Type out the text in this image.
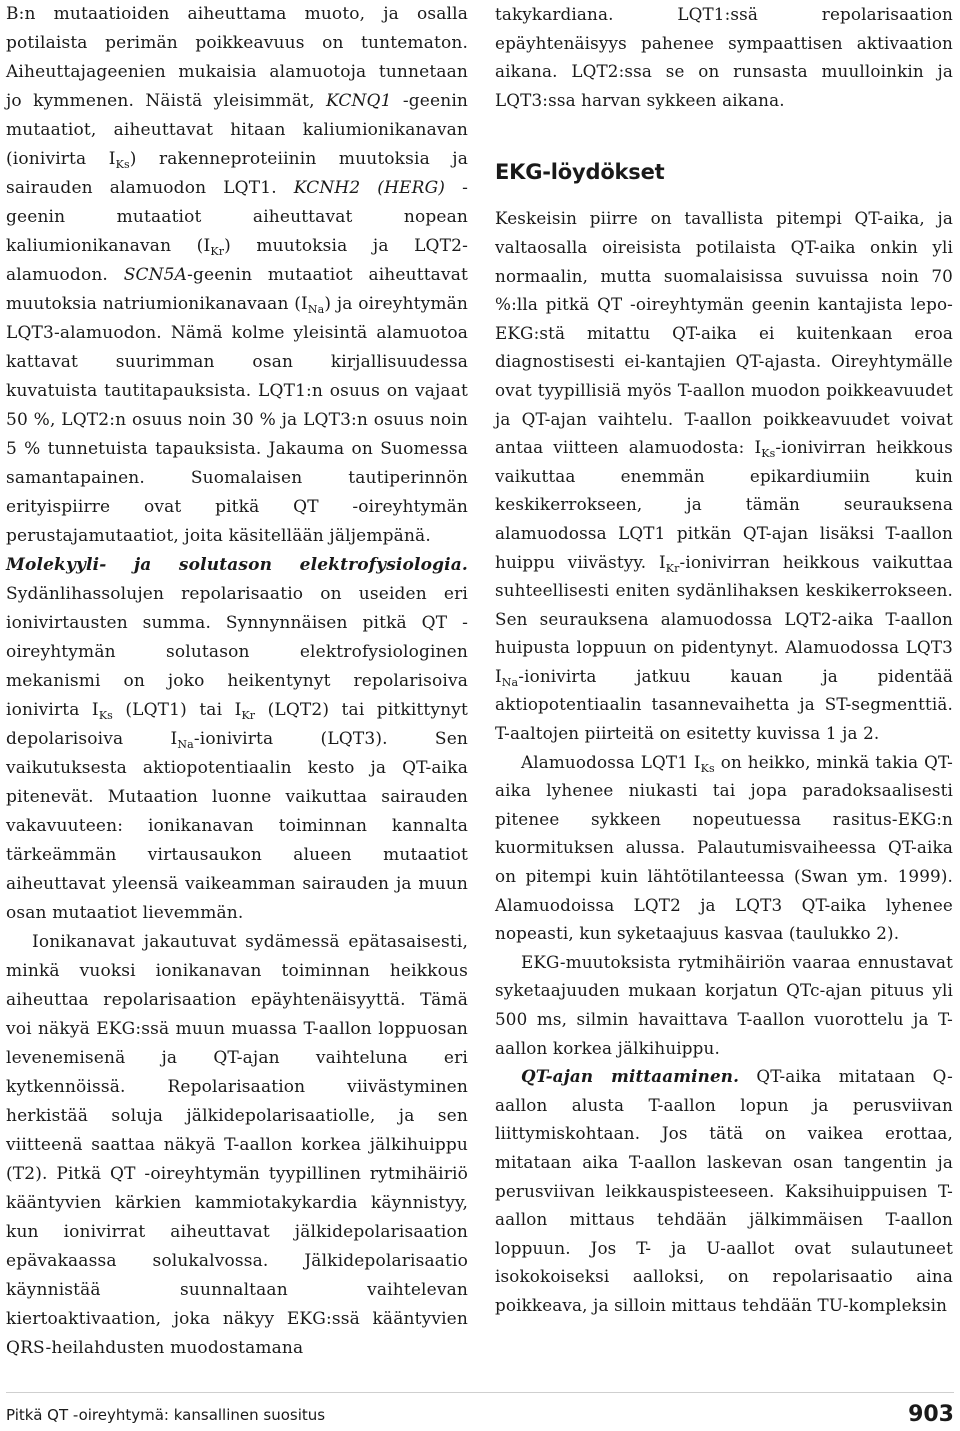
B:n mutaatioiden aiheuttama muoto, ja osalla potilaista perimän poikkeavuus on tuntematon. Aiheuttajageenien mukaisia alamuotoja tunnetaan jo kymmenen. Näistä yleisimmät, KCNQ1 -geenin mutaatiot, aiheuttavat hitaan kaliumionikanavan (ionivirta $I_{Ks}$) rakenneproteiinin muutoksia ja sairauden alamuodon LQT1. KCNH2 (HERG) -geenin mutaatiot aiheuttavat nopean kaliumionikanavan $(I_{Kr})$ muutoksia ja LQT2-alamuodon. SCN5A-geenin mutaatiot aiheuttavat muutoksia natriumionikanavaan $(I_{Na})$ ja oireyhtymän LQT3-alamuodon. Nämä kolme yleisintä alamuotoa kattavat suurimman osan kirjallisuudessa kuvatuista tautitapauksista. LQT1:n osuus on vajaat 50 %, LQT2:n osuus noin 30 % ja LQT3:n osuus noin 5 % tunnetuista tapauksista. Jakauma on Suomessa samantapainen. Suomalaisen tautiperinnön erityispiirre ovat pitkä QT -oireyhtymän perustajamutaatiot, joita käsitellään jäljempänä.

Molekyyli- ja solutason elektrofysiologia. Sydänlihassolujen repolarisaatio on useiden eri ionivirtausten summa. Synnynnäisen pitkä QT -oireyhtymän solutason elektrofysiologinen mekanismi on joko heikentynyt repolarisoiva ionivirta $I_{Ks}$ (LQT1) tai $I_{Kr}$ (LQT2) tai pitkittynyt depolarisoiva $I_{Na}$-ionivirta (LQT3). Sen vaikutuksesta aktiopotentiaalin kesto ja QT-aika pitenevät. Mutaation luonne vaikuttaa sairauden vakavuuteen: ionikanavan toiminnan kannalta tärkeämmän virtausaukon alueen mutaatiot aiheuttavat yleensä vaikeamman sairauden ja muun osan mutaatiot lievemmän.

Ionikanavat jakautuvat sydämessä epätasaisesti, minkä vuoksi ionikanavan toiminnan heikkous aiheuttaa repolarisaation epäyhtenäisyyttä. Tämä voi näkyä EKG:ssä muun muassa T-aallon loppuosan levenemisenä ja QT-ajan vaihteluna eri kytkennöissä. Repolarisaation viivästyminen herkistää soluja jälkidepolarisaatiolle, ja sen viitteenä saattaa näkyä T-aallon korkea jälkihuippu (T2). Pitkä QT -oireyhtymän tyypillinen rytmihäiriö kääntyvien kärkien kammiotakykardia käynnistyy, kun ionivirrat aiheuttavat jälkidepolarisaation epävakaassa solukalvossa. Jälkidepolarisaatio käynnistää suunnaltaan vaihtelevan kiertoaktivaation, joka näkyy EKG:ssä kääntyvien QRS-heilahdusten muodostamana

takykardiana. LQT1:ssä repolarisaation epäyhtenäisyys pahenee sympaattisen aktivaation aikana. LQT2:ssa se on runsasta muulloinkin ja LQT3:ssa harvan sykkeen aikana.

EKG-löydökset

Keskeisin piirre on tavallista pitempi QT-aika, ja valtaosalla oireisista potilaista QT-aika onkin yli normaalin, mutta suomalaisissa suvuissa noin 70 %:lla pitkä QT -oireyhtymän geenin kantajista lepo-EKG:stä mitattu QT-aika ei kuitenkaan eroa diagnostisesti ei-kantajien QT-ajasta. Oireyhtymälle ovat tyypillisiä myös T-aallon muodon poikkeavuudet ja QT-ajan vaihtelu. T-aallon poikkeavuudet voivat antaa viitteen alamuodosta: $I_{Ks}$-ionivirran heikkous vaikuttaa enemmän epikardiumiin kuin keskikerrokseen, ja tämän seurauksena alamuodossa LQT1 pitkän QT-ajan lisäksi T-aallon huippu viivästyy. $I_{Kr}$-ionivirran heikkous vaikuttaa suhteellisesti eniten sydänlihaksen keskikerrokseen. Sen seurauksena alamuodossa LQT2-aika T-aallon huipusta loppuun on pidentynyt. Alamuodossa LQT3 $I_{Na}$-ionivirta jatkuu kauan ja pidentää aktiopotentiaalin tasannevaihetta ja ST-segmenttiä. T-aaltojen piirteitä on esitetty kuvissa 1 ja 2.

Alamuodossa LQT1 $I_{Ks}$ on heikko, minkä takia QT-aika lyhenee niukasti tai jopa paradoksaalisesti pitenee sykkeen nopeutuessa rasitus-EKG:n kuormituksen alussa. Palautumisvaiheessa QT-aika on pitempi kuin lähtötilanteessa (Swan ym. 1999). Alamuodoissa LQT2 ja LQT3 QT-aika lyhenee nopeasti, kun syketaajuus kasvaa (taulukko 2).

EKG-muutoksista rytmihäiriön vaaraa ennustavat syketaajuuden mukaan korjatun QTc-ajan pituus yli 500 ms, silmin havaittava T-aallon vuorottelu ja T-aallon korkea jälkihuippu.

QT-ajan mittaaminen. QT-aika mitataan Q-aallon alusta T-aallon lopun ja perusviivan liittymiskohtaan. Jos tätä on vaikea erottaa, mitataan aika T-aallon laskevan osan tangentin ja perusviivan leikkauspisteeseen. Kaksihuippuisen T-aallon mittaus tehdään jälkimmäisen T-aallon loppuun. Jos T- ja U-aallot ovat sulautuneet isokokoiseksi aalloksi, on repolarisaatio aina poikkeava, ja silloin mittaus tehdään TU-kompleksin

Pitkä QT -oireyhtymä: kansallinen suositus	903
